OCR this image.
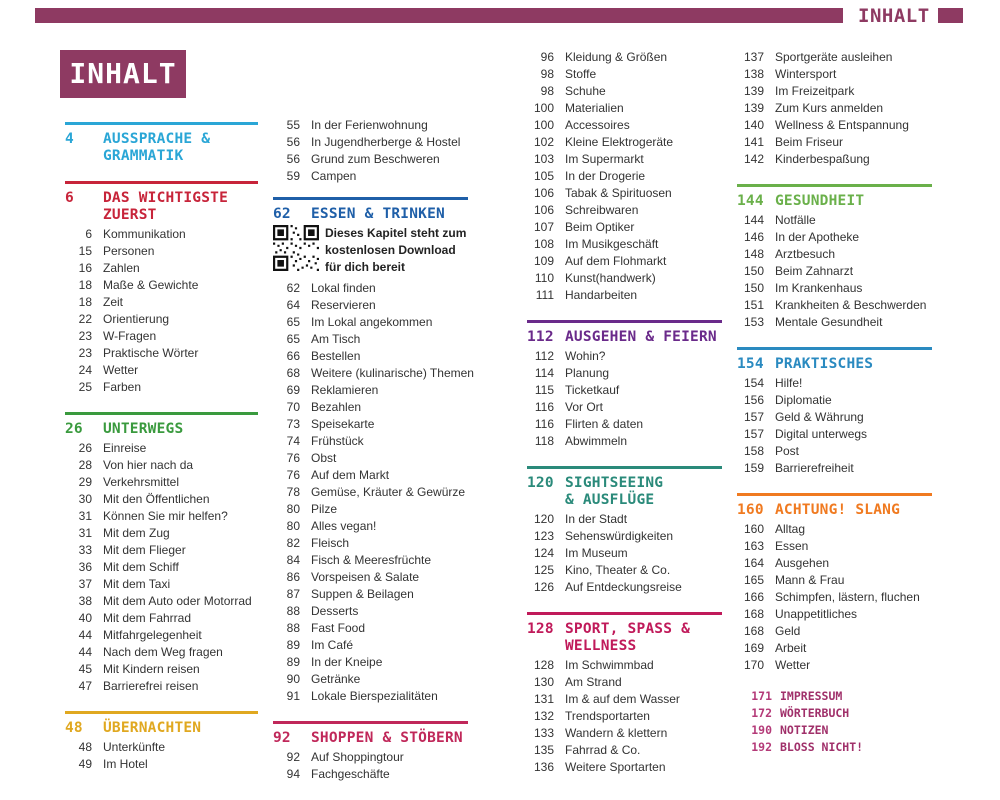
INHALT
INHALT
4	AUSSPRACHE &
GRAMMATIK
6	DAS WICHTIGSTE
ZUERST
6 Kommunikation
15 Personen
16 Zahlen
18 Maße & Gewichte
18 Zeit
22 Orientierung
23 W-Fragen
23 Praktische Wörter
24 Wetter
25 Farben
26	UNTERWEGS
26 Einreise
28 Von hier nach da
29 Verkehrsmittel
30 Mit den Öffentlichen
31 Können Sie mir helfen?
31 Mit dem Zug
33 Mit dem Flieger
36 Mit dem Schiff
37 Mit dem Taxi
38 Mit dem Auto oder Motorrad
40 Mit dem Fahrrad
44 Mitfahrgelegenheit
44 Nach dem Weg fragen
45 Mit Kindern reisen
47 Barrierefrei reisen
48	ÜBERNACHTEN
48 Unterkünfte
49 Im Hotel
55 In der Ferienwohnung
56 In Jugendherberge & Hostel
56 Grund zum Beschweren
59 Campen
62	ESSEN & TRINKEN
Dieses Kapitel steht zum kostenlosen Download für dich bereit
62 Lokal finden
64 Reservieren
65 Im Lokal angekommen
65 Am Tisch
66 Bestellen
68 Weitere (kulinarische) Themen
69 Reklamieren
70 Bezahlen
73 Speisekarte
74 Frühstück
76 Obst
76 Auf dem Markt
78 Gemüse, Kräuter & Gewürze
80 Pilze
80 Alles vegan!
82 Fleisch
84 Fisch & Meeresfrüchte
86 Vorspeisen & Salate
87 Suppen & Beilagen
88 Desserts
88 Fast Food
89 Im Café
89 In der Kneipe
90 Getränke
91 Lokale Bierspezialitäten
92	SHOPPEN & STÖBERN
92 Auf Shoppingtour
94 Fachgeschäfte
96 Kleidung & Größen
98 Stoffe
98 Schuhe
100 Materialien
100 Accessoires
102 Kleine Elektrogeräte
103 Im Supermarkt
105 In der Drogerie
106 Tabak & Spirituosen
106 Schreibwaren
107 Beim Optiker
108 Im Musikgeschäft
109 Auf dem Flohmarkt
110 Kunst(handwerk)
111 Handarbeiten
112 AUSGEHEN & FEIERN
112 Wohin?
114 Planung
115 Ticketkauf
116 Vor Ort
116 Flirten & daten
118 Abwimmeln
120 SIGHTSEEING
& AUSFLÜGE
120 In der Stadt
123 Sehenswürdigkeiten
124 Im Museum
125 Kino, Theater & Co.
126 Auf Entdeckungsreise
128 SPORT, SPASS &
WELLNESS
128 Im Schwimmbad
130 Am Strand
131 Im & auf dem Wasser
132 Trendsportarten
133 Wandern & klettern
135 Fahrrad & Co.
136 Weitere Sportarten
137 Sportgeräte ausleihen
138 Wintersport
139 Im Freizeitpark
139 Zum Kurs anmelden
140 Wellness & Entspannung
141 Beim Friseur
142 Kinderbespaßung
144 GESUNDHEIT
144 Notfälle
146 In der Apotheke
148 Arztbesuch
150 Beim Zahnarzt
150 Im Krankenhaus
151 Krankheiten & Beschwerden
153 Mentale Gesundheit
154 PRAKTISCHES
154 Hilfe!
156 Diplomatie
157 Geld & Währung
157 Digital unterwegs
158 Post
159 Barrierefreiheit
160 ACHTUNG! SLANG
160 Alltag
163 Essen
164 Ausgehen
165 Mann & Frau
166 Schimpfen, lästern, fluchen
168 Unappetitliches
168 Geld
169 Arbeit
170 Wetter
171 IMPRESSUM
172 WÖRTERBUCH
190 NOTIZEN
192 BLOSS NICHT!
